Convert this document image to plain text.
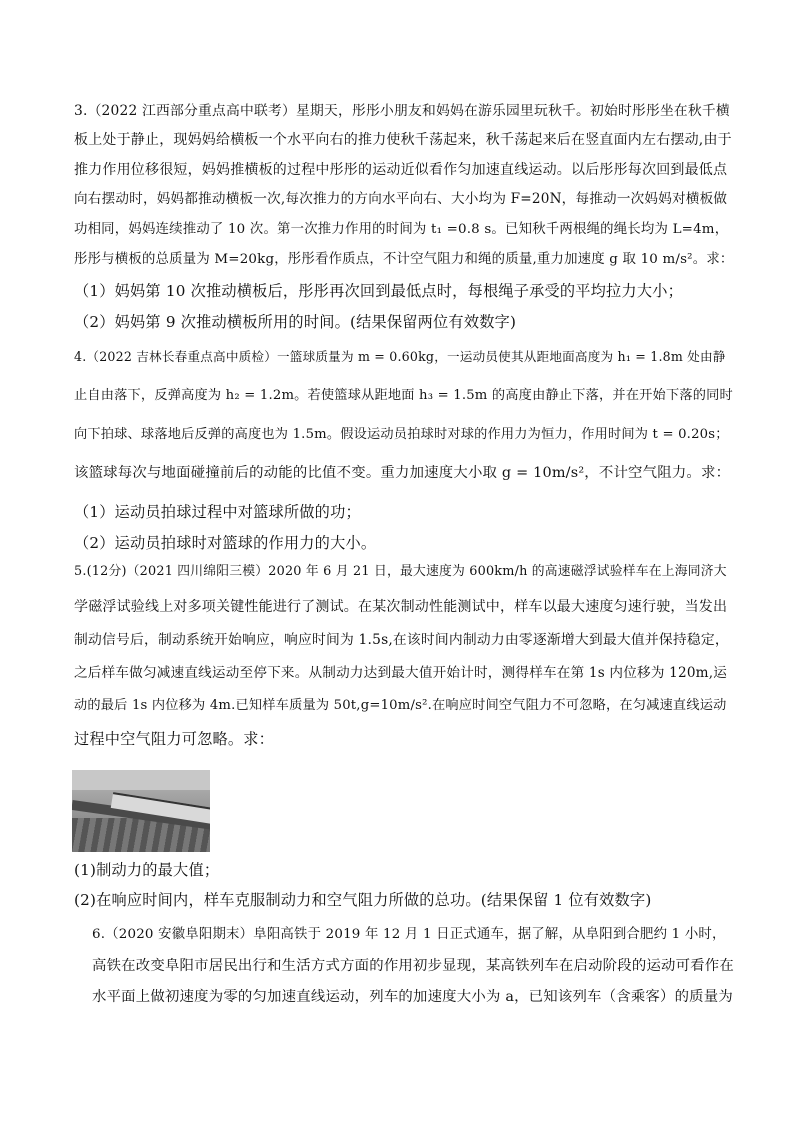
3.（2022 江西部分重点高中联考）星期天，彤彤小朋友和妈妈在游乐园里玩秋千。初始时彤彤坐在秋千横
板上处于静止，现妈妈给横板一个水平向右的推力使秋千荡起来，秋千荡起来后在竖直面内左右摆动,由于
推力作用位移很短，妈妈推横板的过程中彤彤的运动近似看作匀加速直线运动。以后彤彤每次回到最低点
向右摆动时，妈妈都推动横板一次,每次推力的方向水平向右、大小均为 F=20N，每推动一次妈妈对横板做
功相同，妈妈连续推动了 10 次。第一次推力作用的时间为 t₁ =0.8 s。已知秋千两根绳的绳长均为 L=4m，
彤彤与横板的总质量为 M=20kg，彤彤看作质点，不计空气阻力和绳的质量,重力加速度 g 取 10 m/s²。求：
（1）妈妈第 10 次推动横板后，彤彤再次回到最低点时，每根绳子承受的平均拉力大小；
（2）妈妈第 9 次推动横板所用的时间。(结果保留两位有效数字)
4.（2022 吉林长春重点高中质检）一篮球质量为 m = 0.60kg，一运动员使其从距地面高度为 h₁ = 1.8m 处由静
止自由落下，反弹高度为 h₂ = 1.2m。若使篮球从距地面 h₃ = 1.5m 的高度由静止下落，并在开始下落的同时
向下拍球、球落地后反弹的高度也为 1.5m。假设运动员拍球时对球的作用力为恒力，作用时间为 t = 0.20s；
该篮球每次与地面碰撞前后的动能的比值不变。重力加速度大小取 g = 10m/s²，不计空气阻力。求：
（1）运动员拍球过程中对篮球所做的功；
（2）运动员拍球时对篮球的作用力的大小。
5.(12分)（2021 四川绵阳三模）2020 年 6 月 21 日，最大速度为 600km/h 的高速磁浮试验样车在上海同济大
学磁浮试验线上对多项关键性能进行了测试。在某次制动性能测试中，样车以最大速度匀速行驶，当发出
制动信号后，制动系统开始响应，响应时间为 1.5s,在该时间内制动力由零逐渐增大到最大值并保持稳定，
之后样车做匀减速直线运动至停下来。从制动力达到最大值开始计时，测得样车在第 1s 内位移为 120m,运
动的最后 1s 内位移为 4m.已知样车质量为 50t,g=10m/s².在响应时间空气阻力不可忽略，在匀减速直线运动
过程中空气阻力可忽略。求：
(1)制动力的最大值；
(2)在响应时间内，样车克服制动力和空气阻力所做的总功。(结果保留 1 位有效数字)
6.（2020 安徽阜阳期末）阜阳高铁于 2019 年 12 月 1 日正式通车，据了解，从阜阳到合肥约 1 小时，
高铁在改变阜阳市居民出行和生活方式方面的作用初步显现，某高铁列车在启动阶段的运动可看作在
水平面上做初速度为零的匀加速直线运动，列车的加速度大小为 a，已知该列车（含乘客）的质量为
